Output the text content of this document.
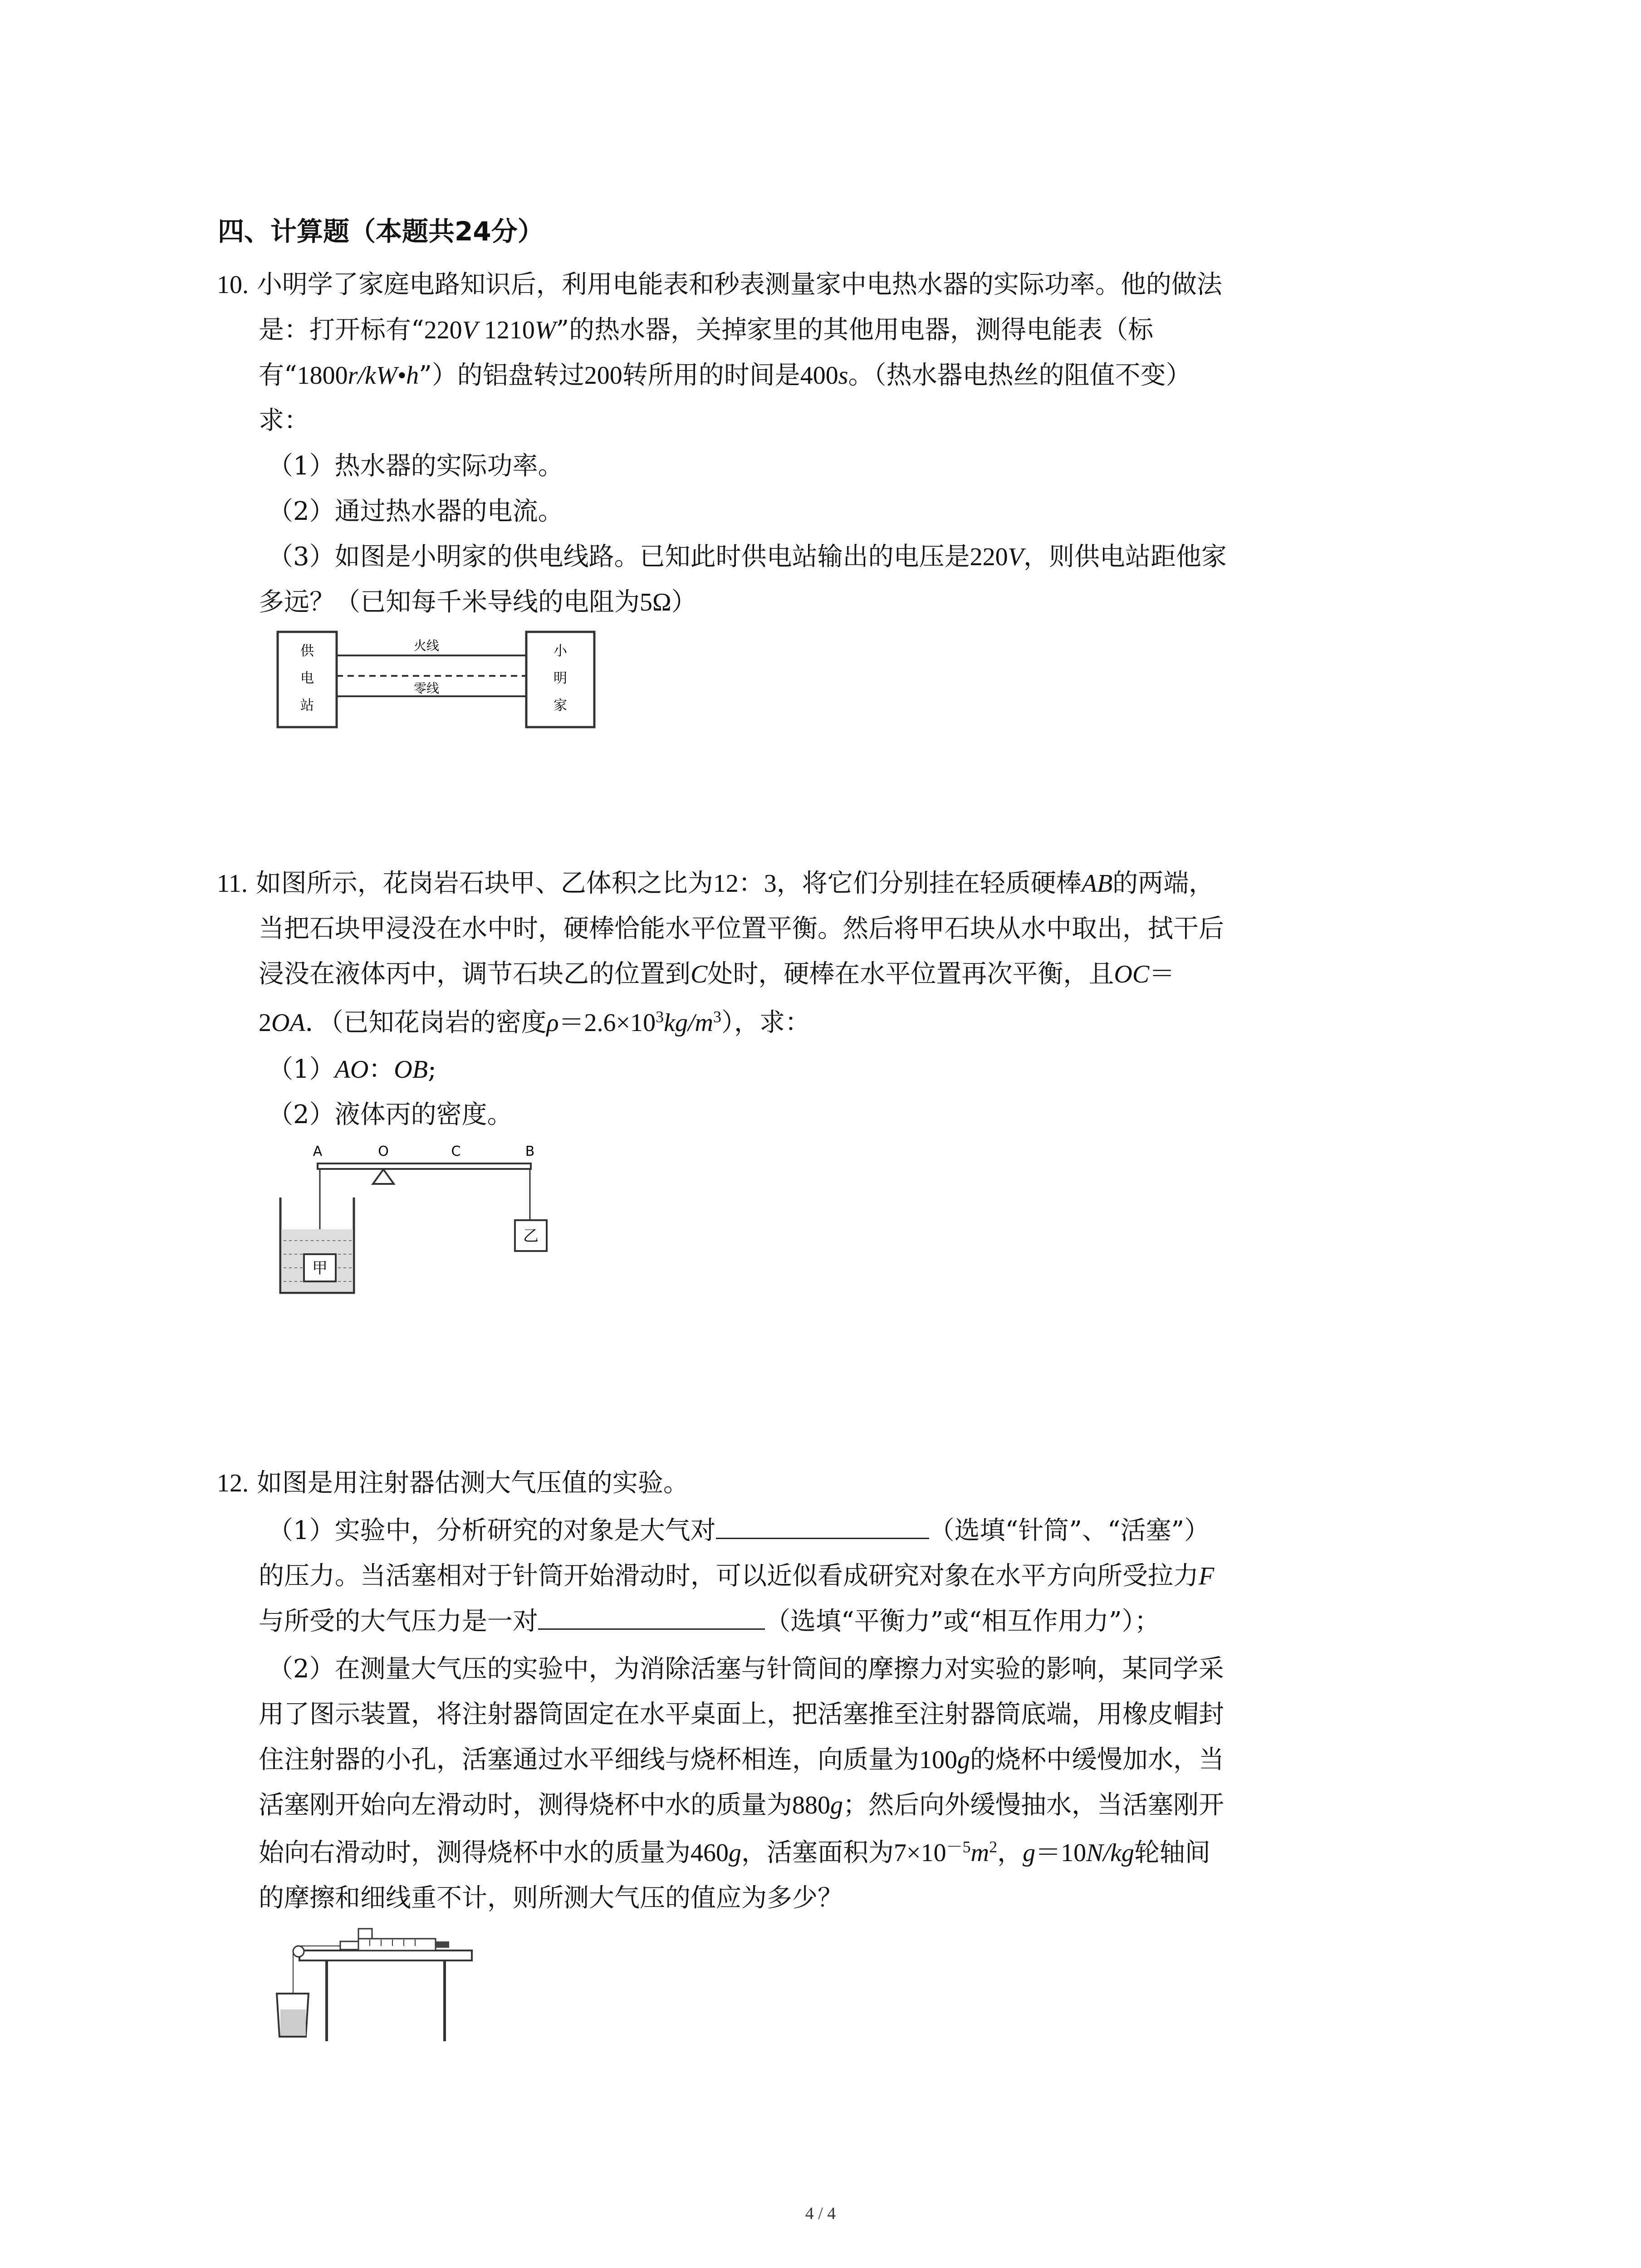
四、计算题（本题共24分）
10. 小明学了家庭电路知识后，利用电能表和秒表测量家中电热水器的实际功率。他的做法
是：打开标有“220V 1210W”的热水器，关掉家里的其他用电器，测得电能表（标
有“1800r/kW•h”）的铝盘转过200转所用的时间是400s。（热水器电热丝的阻值不变）
求：
（1）热水器的实际功率。
（2）通过热水器的电流。
（3）如图是小明家的供电线路。已知此时供电站输出的电压是220V，则供电站距他家
多远？（已知每千米导线的电阻为5Ω）
供
电
站
小
明
家
火线
零线
11. 如图所示，花岗岩石块甲、乙体积之比为12：3，将它们分别挂在轻质硬棒AB的两端，
当把石块甲浸没在水中时，硬棒恰能水平位置平衡。然后将甲石块从水中取出，拭干后
浸没在液体丙中，调节石块乙的位置到C处时，硬棒在水平位置再次平衡，且OC＝
2OA．（已知花岗岩的密度$\rho=2.6\times 10^3kg/m^3$），求：
（1）AO：OB;
（2）液体丙的密度。
A	O	C	B
甲
乙
12. 如图是用注射器估测大气压值的实验。
（1）实验中，分析研究的对象是大气对	（选填“针筒”、“活塞”）
的压力。当活塞相对于针筒开始滑动时，可以近似看成研究对象在水平方向所受拉力F
与所受的大气压力是一对	（选填“平衡力”或“相互作用力”）；
（2）在测量大气压的实验中，为消除活塞与针筒间的摩擦力对实验的影响，某同学采
用了图示装置，将注射器筒固定在水平桌面上，把活塞推至注射器筒底端，用橡皮帽封
住注射器的小孔，活塞通过水平细线与烧杯相连，向质量为100g的烧杯中缓慢加水，当
活塞刚开始向左滑动时，测得烧杯中水的质量为880g；然后向外缓慢抽水，当活塞刚开
始向右滑动时，测得烧杯中水的质量为460g，活塞面积为$7\times 10^{-5}m^2$，g＝10N/kg轮轴间
的摩擦和细线重不计，则所测大气压的值应为多少？
4 / 4
